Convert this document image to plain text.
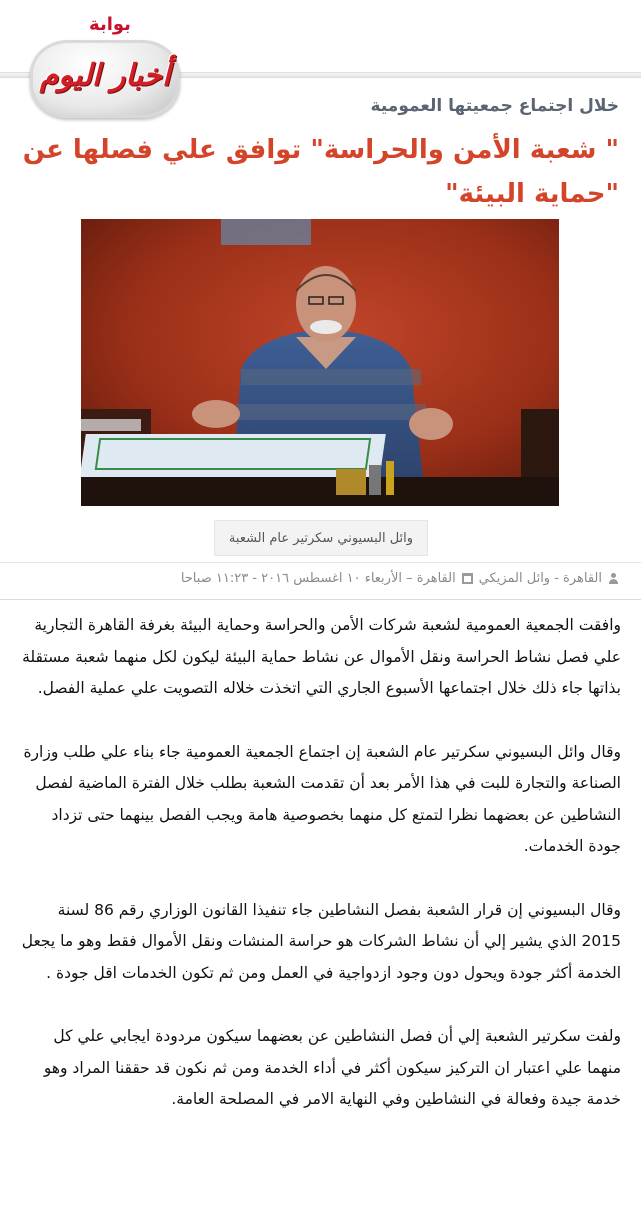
بوابة
أخبار اليوم
خلال اجتماع جمعيتها العمومية
" شعبة الأمن والحراسة" توافق علي فصلها عن "حماية البيئة"
وائل البسيوني سكرتير عام الشعبة
القاهرة - وائل المزيكي
القاهرة – الأربعاء ١٠ اغسطس ٢٠١٦ - ١١:٢٣ صباحا

وافقت الجمعية العمومية لشعبة شركات الأمن والحراسة وحماية البيئة بغرفة القاهرة التجارية علي فصل نشاط الحراسة ونقل الأموال عن نشاط حماية البيئة ليكون لكل منهما شعبة مستقلة بذاتها جاء ذلك خلال اجتماعها الأسبوع الجاري التي اتخذت خلاله التصويت علي عملية الفصل.

وقال وائل البسيوني سكرتير عام الشعبة إن اجتماع الجمعية العمومية جاء بناء علي طلب وزارة الصناعة والتجارة للبت في هذا الأمر بعد أن تقدمت الشعبة بطلب خلال الفترة الماضية لفصل النشاطين عن بعضهما نظرا لتمتع كل منهما بخصوصية هامة ويجب الفصل بينهما حتى تزداد جودة الخدمات.

وقال البسيوني إن قرار الشعبة بفصل النشاطين جاء تنفيذا القانون الوزاري رقم 86 لسنة 2015 الذي يشير إلي أن نشاط الشركات هو حراسة المنشات ونقل الأموال فقط وهو ما يجعل الخدمة أكثر جودة ويحول دون وجود ازدواجية في العمل ومن ثم تكون الخدمات اقل جودة .

ولفت سكرتير الشعبة إلي أن فصل النشاطين عن بعضهما سيكون مردودة ايجابي علي كل منهما علي اعتبار ان التركيز سيكون أكثر في أداء الخدمة ومن ثم نكون قد حققنا المراد وهو خدمة جيدة وفعالة في النشاطين وفي النهاية الامر في المصلحة العامة.
